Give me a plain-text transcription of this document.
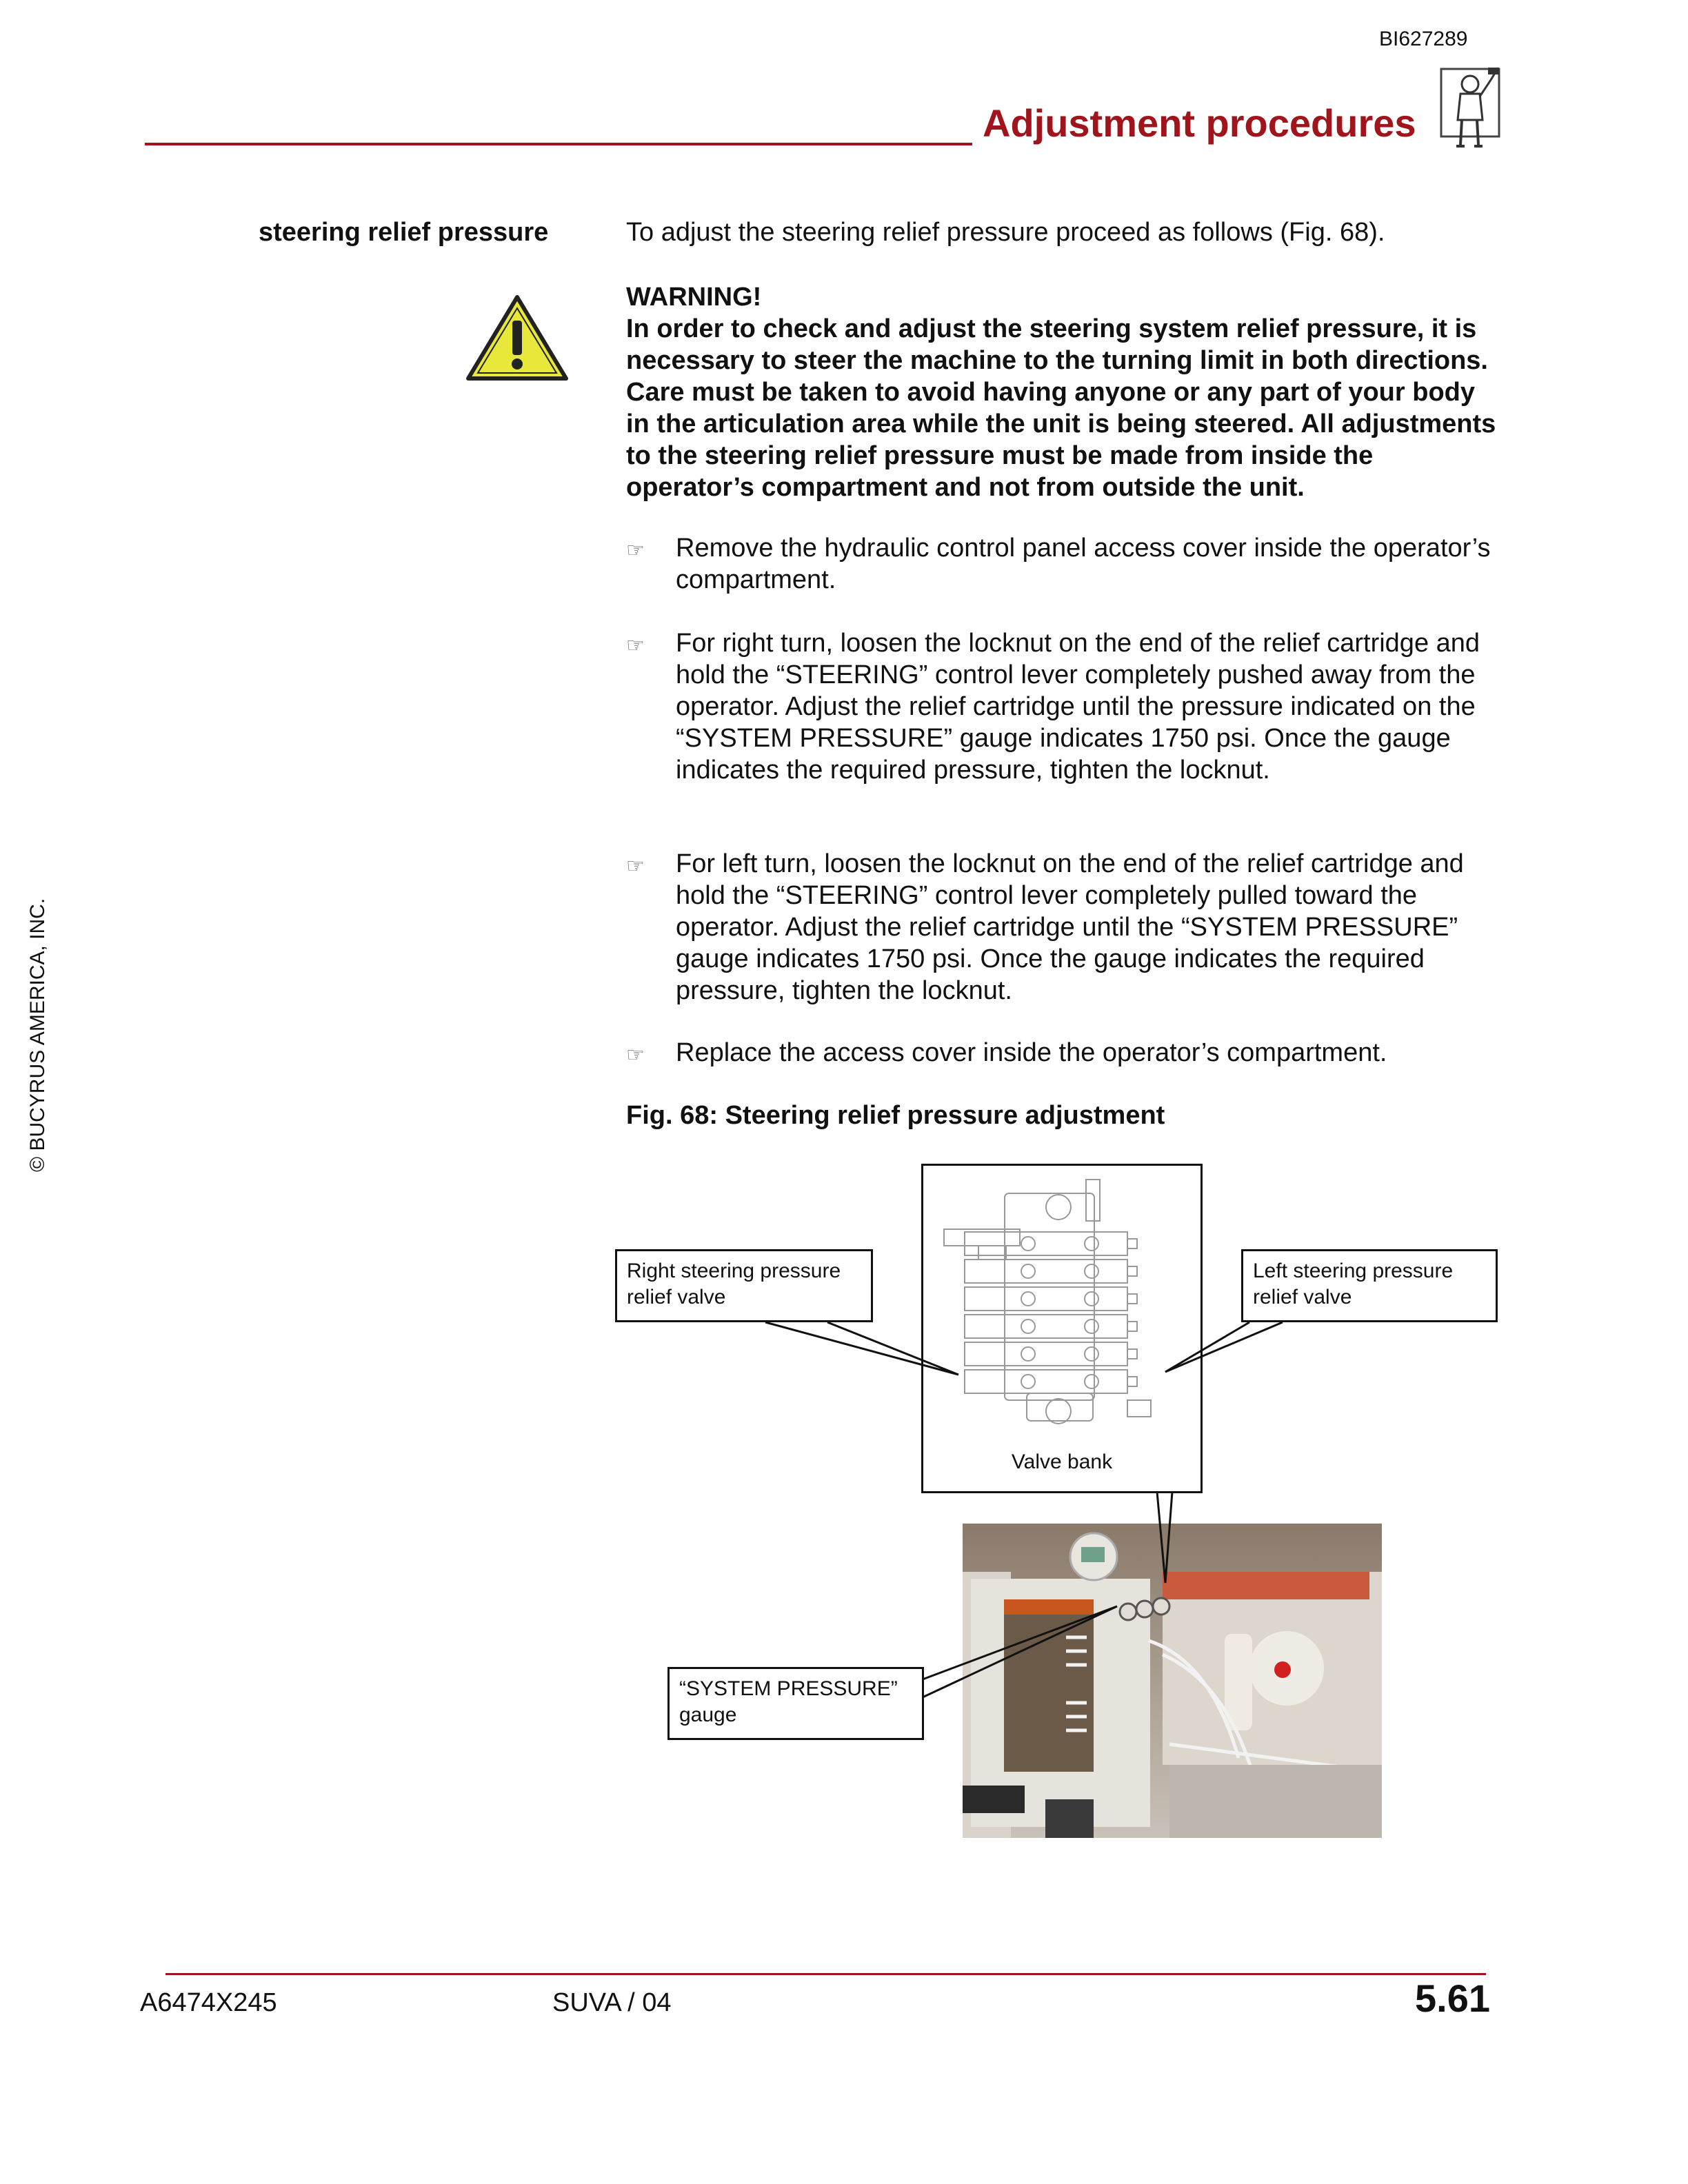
BI627289
Adjustment procedures
© BUCYRUS AMERICA, INC.
steering relief pressure	To adjust the steering relief pressure proceed as follows (Fig. 68).

WARNING!

In order to check and adjust the steering system relief pressure, it is necessary to steer the machine to the turning limit in both directions. Care must be taken to avoid having anyone or any part of your body in the articulation area while the unit is being steered. All adjustments to the steering relief pressure must be made from inside the operator’s compartment and not from outside the unit.

☞ Remove the hydraulic control panel access cover inside the operator’s compartment.
☞ For right turn, loosen the locknut on the end of the relief cartridge and hold the “STEERING” control lever completely pushed away from the operator. Adjust the relief cartridge until the pressure indicated on the “SYSTEM PRESSURE” gauge indicates 1750 psi. Once the gauge indicates the required pressure, tighten the locknut.
☞ For left turn, loosen the locknut on the end of the relief cartridge and hold the “STEERING” control lever completely pulled toward the operator. Adjust the relief cartridge until the “SYSTEM PRESSURE” gauge indicates 1750 psi. Once the gauge indicates the required pressure, tighten the locknut.
☞ Replace the access cover inside the operator’s compartment.
Fig. 68: Steering relief pressure adjustment
Valve bank
Right steering pressure relief valve
Left steering pressure relief valve
“SYSTEM PRESSURE” gauge
A6474X245	SUVA / 04	5.61
